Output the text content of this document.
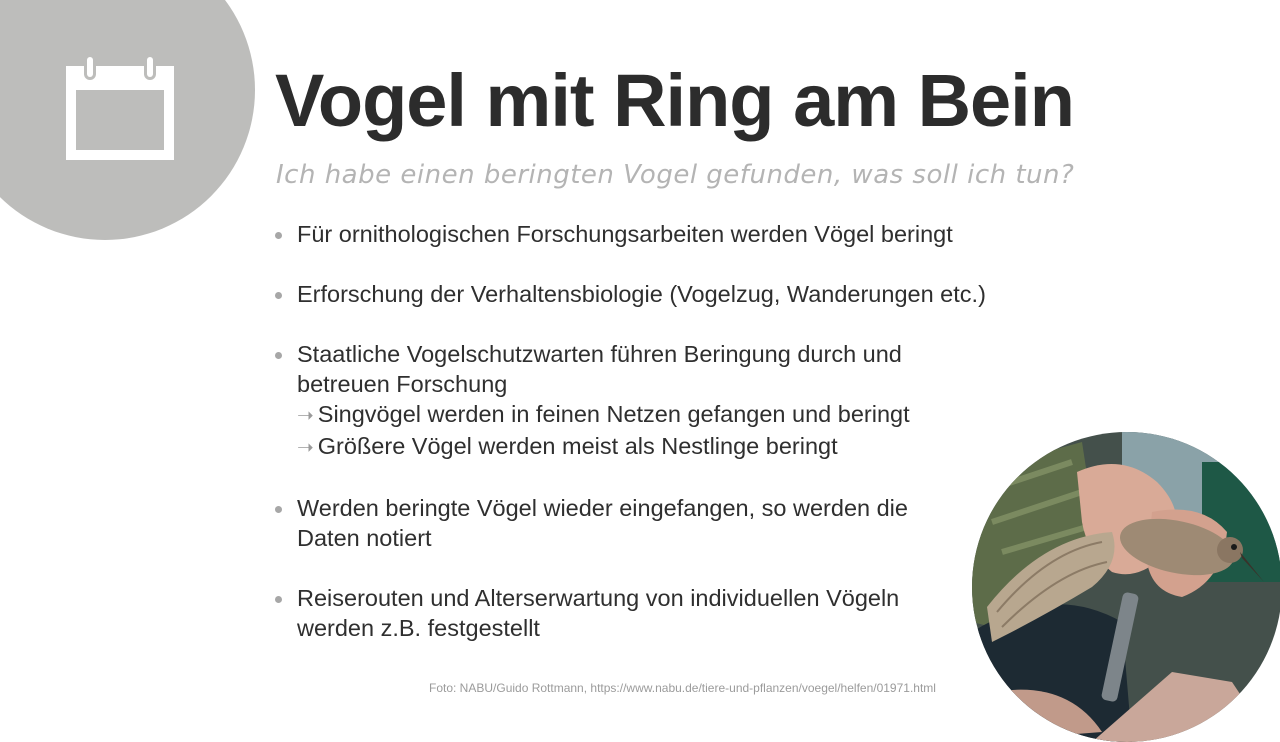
Vogel mit Ring am Bein
Ich habe einen beringten Vogel gefunden, was soll ich tun?
Für ornithologischen Forschungsarbeiten werden Vögel beringt
Erforschung der Verhaltensbiologie (Vogelzug, Wanderungen etc.)
Staatliche Vogelschutzwarten führen Beringung durch und betreuen Forschung
➝ Singvögel werden in feinen Netzen gefangen und beringt
➝ Größere Vögel werden meist als Nestlinge beringt
Werden beringte Vögel wieder eingefangen, so werden die Daten notiert
Reiserouten und Alterserwartung von individuellen Vögeln werden z.B. festgestellt
Foto: NABU/Guido Rottmann, https://www.nabu.de/tiere-und-pflanzen/voegel/helfen/01971.html
